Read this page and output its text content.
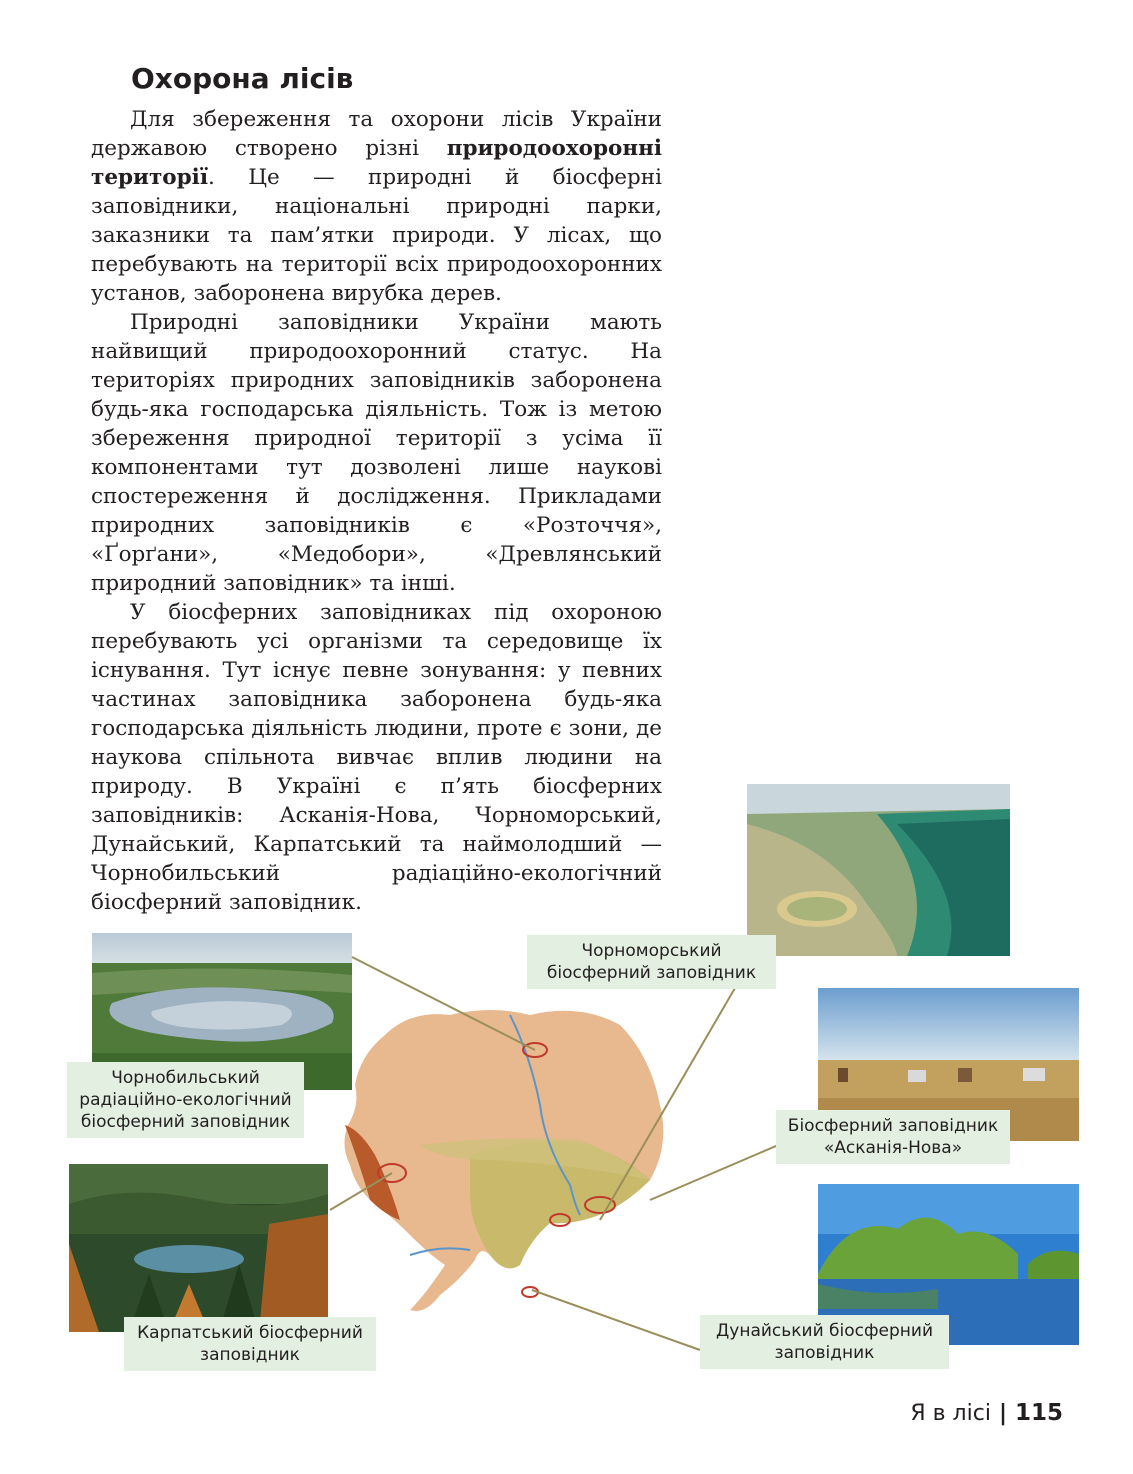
Охорона лісів

Для збереження та охорони лісів України державою створено різні природоохоронні території. Це — природні й біосферні заповідники, національні природні парки, заказники та пам’ятки природи. У лісах, що перебувають на території всіх природоохоронних установ, заборонена вирубка дерев.

Природні заповідники України мають найвищий природоохоронний статус. На територіях природних заповідників заборонена будь-яка господарська діяльність. Тож із метою збереження природної території з усіма її компонентами тут дозволені лише наукові спостереження й дослідження. Прикладами природних заповідників є «Розточчя», «Ґорґани», «Медобори», «Древлянський природний заповідник» та інші.

У біосферних заповідниках під охороною перебувають усі організми та середовище їх існування. Тут існує певне зонування: у певних частинах заповідника заборонена будь-яка господарська діяльність людини, проте є зони, де наукова спільнота вивчає вплив людини на природу. В Україні є п’ять біосферних заповідників: Асканія-Нова, Чорноморський, Дунайський, Карпатський та наймолодший — Чорнобильський радіаційно-екологічний біосферний заповідник.

Чорнобильський
радіаційно-екологічний
біосферний заповідник
Чорноморський
біосферний заповідник
Біосферний заповідник
«Асканія-Нова»
Карпатський біосферний
заповідник
Дунайський біосферний
заповідник
Я в лісі | 115
